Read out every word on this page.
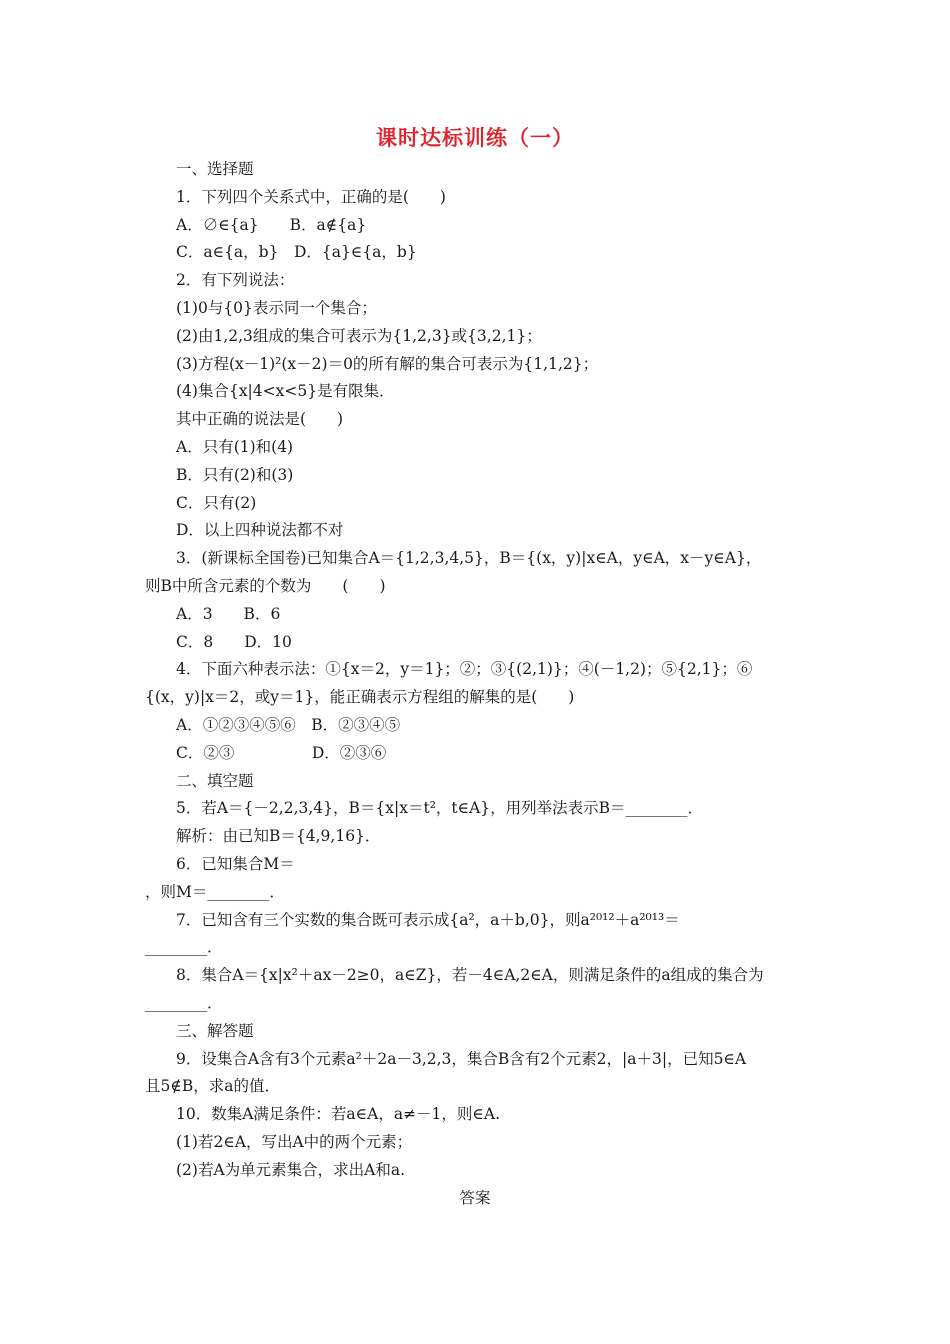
课时达标训练（一）
一、选择题
1．下列四个关系式中，正确的是(　　)
A．∅∈{a}　　B．a∉{a}
C．a∈{a，b}　D．{a}∈{a，b}
2．有下列说法：
(1)0与{0}表示同一个集合；
(2)由1,2,3组成的集合可表示为{1,2,3}或{3,2,1}；
(3)方程(x－1)²(x－2)＝0的所有解的集合可表示为{1,1,2}；
(4)集合{x|4<x<5}是有限集．
其中正确的说法是(　　)
A．只有(1)和(4)
B．只有(2)和(3)
C．只有(2)
D．以上四种说法都不对
3．(新课标全国卷)已知集合A＝{1,2,3,4,5}，B＝{(x，y)|x∈A，y∈A，x－y∈A}，
则B中所含元素的个数为　　(　　)
A．3　　B．6
C．8　　D．10
4．下面六种表示法：①{x＝2，y＝1}；②；③{(2,1)}；④(－1,2)；⑤{2,1}；⑥
{(x，y)|x＝2，或y＝1}，能正确表示方程组的解集的是(　　)
A．①②③④⑤⑥　B．②③④⑤
C．②③　　　　　D．②③⑥
二、填空题
5．若A＝{－2,2,3,4}，B＝{x|x＝t²，t∈A}，用列举法表示B＝________．
解析：由已知B＝{4,9,16}．
6．已知集合M＝
，则M＝________．
7．已知含有三个实数的集合既可表示成{a²，a＋b,0}，则a²⁰¹²＋a²⁰¹³＝
________．
8．集合A＝{x|x²＋ax－2≥0，a∈Z}，若－4∈A,2∈A，则满足条件的a组成的集合为
________．
三、解答题
9．设集合A含有3个元素a²＋2a－3,2,3，集合B含有2个元素2，|a＋3|，已知5∈A
且5∉B，求a的值．
10．数集A满足条件：若a∈A，a≠－1，则∈A.
(1)若2∈A，写出A中的两个元素；
(2)若A为单元素集合，求出A和a.
答案
